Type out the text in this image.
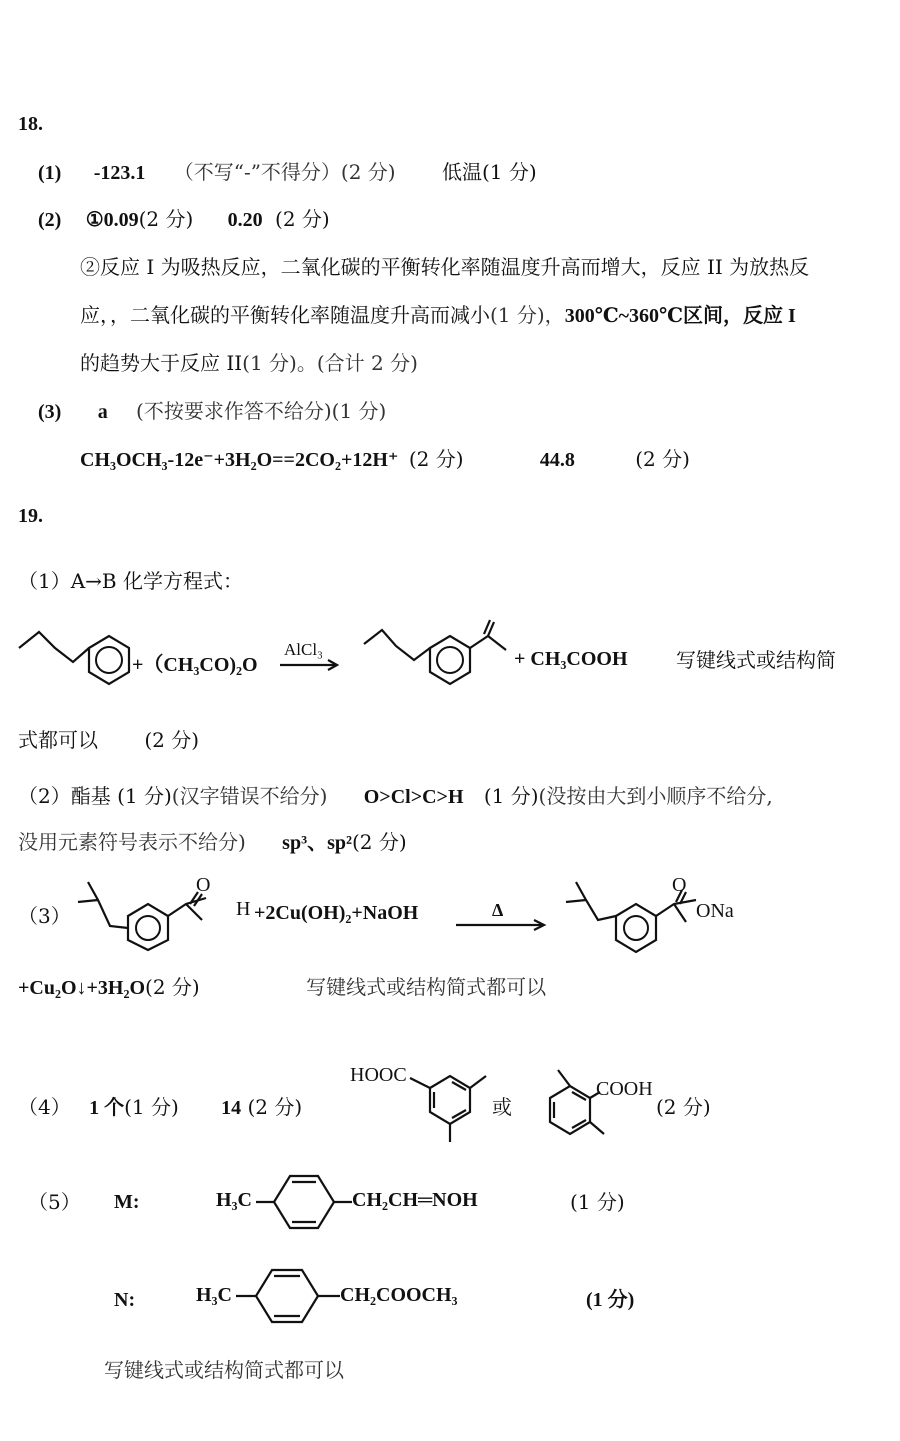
18.
(1) -123.1 （不写“-”不得分）(2 分) 低温(1 分)
(2) ①0.09(2 分) 0.20 (2 分)
②反应 I 为吸热反应，二氧化碳的平衡转化率随温度升高而增大，反应 II 为放热反
应，，二氧化碳的平衡转化率随温度升高而减小(1 分)，300℃~360℃区间，反应 I
的趋势大于反应 II(1 分)。(合计 2 分)
(3) a (不按要求作答不给分)(1 分)
CH₃OCH₃-12e⁻+3H₂O==2CO₂+12H⁺ (2 分)	44.8	(2 分)
19.
（1）A→B 化学方程式：
+（CH₃CO)₂O
AlCl₃	+ CH₃COOH 写键线式或结构简
式都可以 (2 分)
（2）酯基 (1 分)(汉字错误不给分) O>Cl>C>H (1 分)(没按由大到小顺序不给分,
没用元素符号表示不给分) sp³、sp²(2 分)
（3）
O
H +2Cu(OH)₂+NaOH	Δ
O
ONa
+Cu₂O↓+3H₂O(2 分)	写键线式或结构简式都可以
（4） 1 个(1 分) 14 (2 分)
HOOC
或
COOH
(2 分)
（5） M:	H₃C	CH₂CH═NOH	(1 分)
N:	H₃C	CH₂COOCH₃	(1 分)
写键线式或结构简式都可以
